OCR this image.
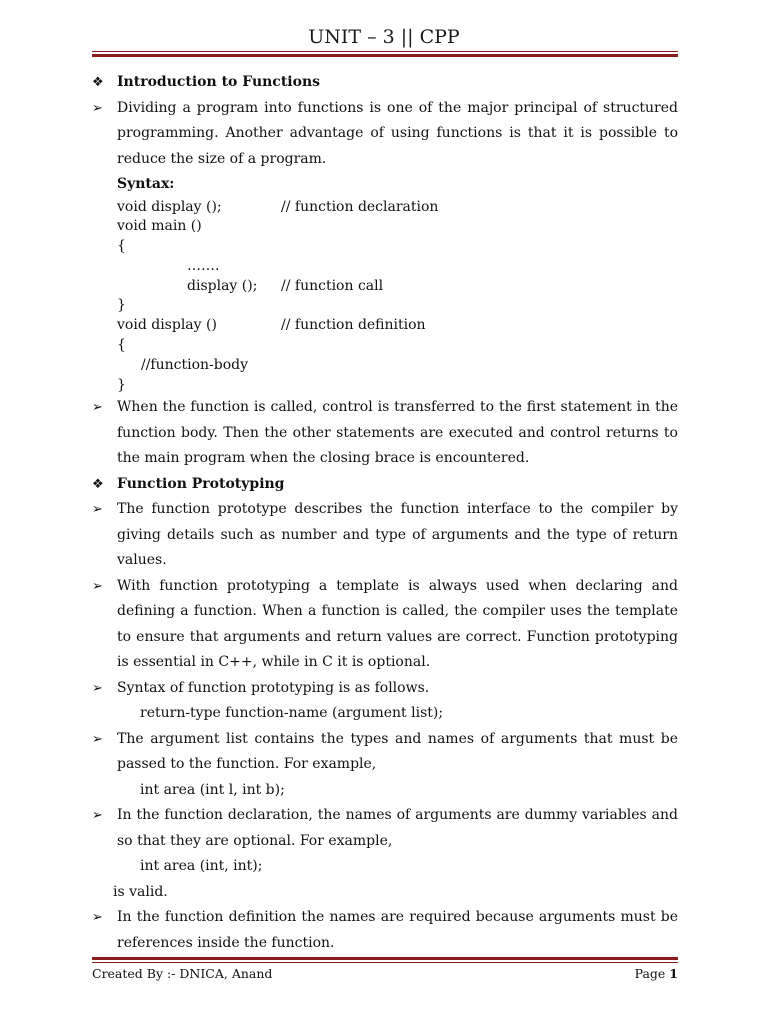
UNIT – 3 || CPP
❖ Introduction to Functions
➢	Dividing a program into functions is one of the major principal of structured programming. Another advantage of using functions is that it is possible to reduce the size of a program.
Syntax:
void display ();	// function declaration
void main ()
{
…….
display (); // function call
}
void display ()	// function definition
{
//function-body
}
➢	When the function is called, control is transferred to the first statement in the function body. Then the other statements are executed and control returns to the main program when the closing brace is encountered.
❖ Function Prototyping
➢	The function prototype describes the function interface to the compiler by giving details such as number and type of arguments and the type of return values.
➢	With function prototyping a template is always used when declaring and defining a function. When a function is called, the compiler uses the template to ensure that arguments and return values are correct. Function prototyping is essential in C++, while in C it is optional.
➢	Syntax of function prototyping is as follows.
return-type function-name (argument list);
➢	The argument list contains the types and names of arguments that must be passed to the function. For example,
int area (int l, int b);
➢	In the function declaration, the names of arguments are dummy variables and so that they are optional. For example,
int area (int, int);
is valid.
➢	In the function definition the names are required because arguments must be references inside the function.
Created By :- DNICA, Anand	Page 1
